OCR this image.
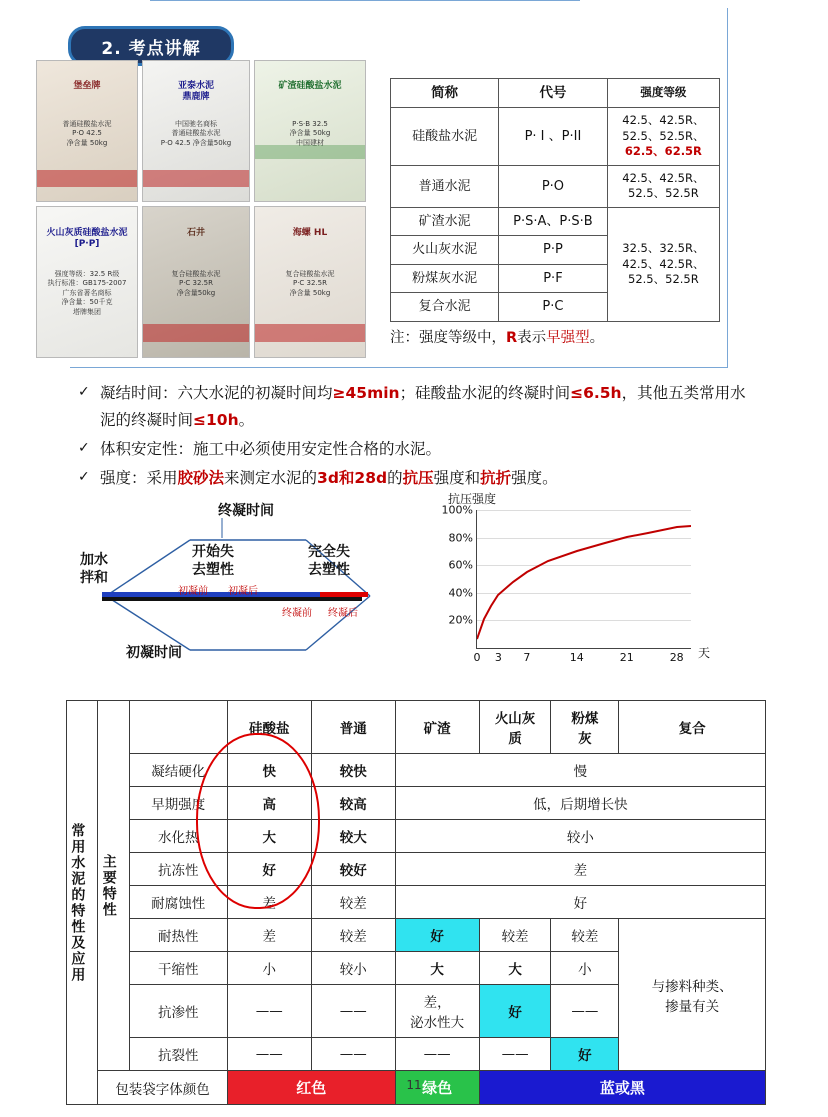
2. 考点讲解
堡垒牌
普通硅酸盐水泥
P·O 42.5
净含量 50kg
亚泰水泥
鼎鹿牌
中国驰名商标
普通硅酸盐水泥
P·O 42.5 净含量50kg
矿渣硅酸盐水泥
P·S·B 32.5
净含量 50kg
中国建材
火山灰质硅酸盐水泥 [P·P]
强度等级：32.5 R级
执行标准：GB175-2007
广东省著名商标
净含量：50千克
塔牌集团
石井
复合硅酸盐水泥
P·C 32.5R
净含量50kg
海螺 HL
复合硅酸盐水泥
P·C 32.5R
净含量 50kg
简称	代号	强度等级
硅酸盐水泥	P· I 、P·II	42.5、42.5R、
52.5、52.5R、
62.5、62.5R
普通水泥	P·O	42.5、42.5R、
52.5、52.5R
矿渣水泥	P·S·A、P·S·B	32.5、32.5R、
42.5、42.5R、
52.5、52.5R
火山灰水泥	P·P	
粉煤灰水泥	P·F	
复合水泥	P·C	
注：强度等级中，R表示早强型。
✓ 凝结时间：六大水泥的初凝时间均≥45min；硅酸盐水泥的终凝时间≤6.5h，其他五类常用水泥的终凝时间≤10h。
✓ 体积安定性：施工中必须使用安定性合格的水泥。
✓ 强度：采用胶砂法来测定水泥的3d和28d的抗压强度和抗折强度。
终凝时间
加水
拌和
开始失
去塑性
完全失
去塑性
初凝前 初凝后
终凝前 终凝后
初凝时间
抗压强度
100%
80%
60%
40%
20%
0 3 7	14	21	28 天
常用水泥的特性及应用	主要特性		硅酸盐	普通	矿渣	火山灰
质	粉煤
灰	复合
		凝结硬化	快	较快	慢			
		早期强度	高	较高	低，后期增长快			
		水化热	大	较大	较小			
		抗冻性	好	较好	差			
		耐腐蚀性	差	较差	好			
		耐热性	差	较差	好	较差	较差	与掺料种类、
掺量有关
		干缩性	小	较小	大	大	小	
		抗渗性	——	——	差，
泌水性大	好	——	
		抗裂性	——	——	——	——	好	
	包装袋字体颜色		红色		绿色	蓝或黑		
11
